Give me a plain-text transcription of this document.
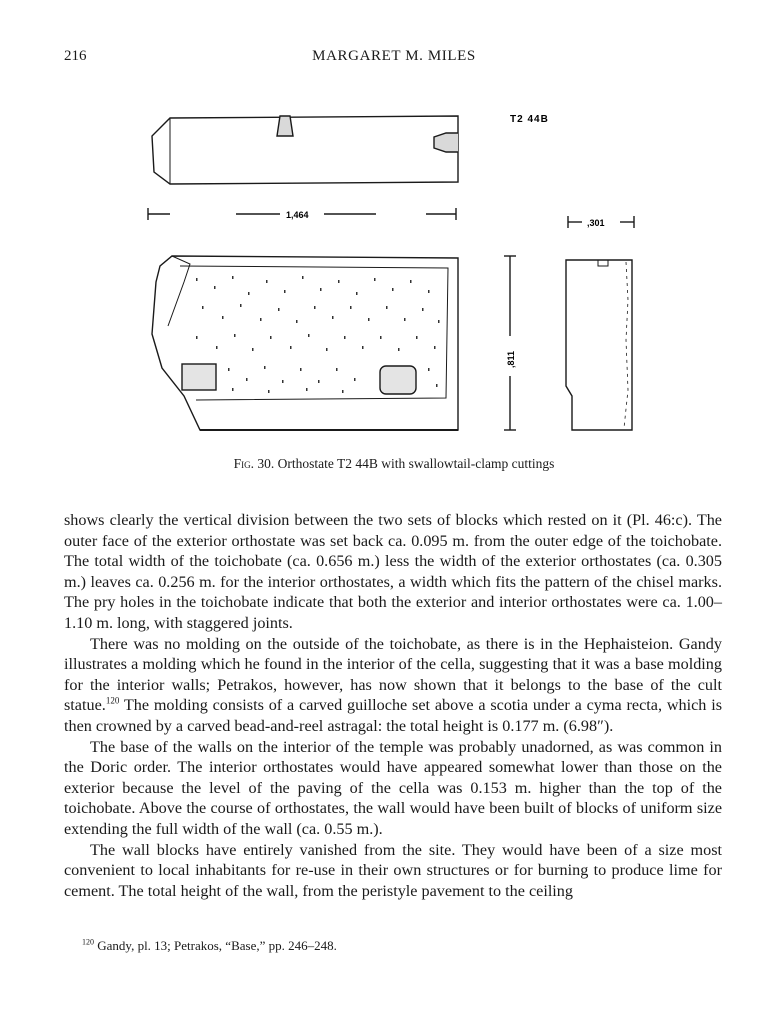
216	MARGARET M. MILES
T2 44B
1,464
,301
,811
Fig. 30. Orthostate T2 44B with swallowtail-clamp cuttings

shows clearly the vertical division between the two sets of blocks which rested on it (Pl. 46:c). The outer face of the exterior orthostate was set back ca. 0.095 m. from the outer edge of the toichobate. The total width of the toichobate (ca. 0.656 m.) less the width of the exterior orthostates (ca. 0.305 m.) leaves ca. 0.256 m. for the interior orthostates, a width which fits the pattern of the chisel marks. The pry holes in the toichobate indicate that both the exterior and interior orthostates were ca. 1.00–1.10 m. long, with staggered joints.

There was no molding on the outside of the toichobate, as there is in the Hephaisteion. Gandy illustrates a molding which he found in the interior of the cella, suggesting that it was a base molding for the interior walls; Petrakos, however, has now shown that it belongs to the base of the cult statue.$^{120}$ The molding consists of a carved guilloche set above a scotia under a cyma recta, which is then crowned by a carved bead-and-reel astragal: the total height is 0.177 m. (6.98″).

The base of the walls on the interior of the temple was probably unadorned, as was common in the Doric order. The interior orthostates would have appeared somewhat lower than those on the exterior because the level of the paving of the cella was 0.153 m. higher than the top of the toichobate. Above the course of orthostates, the wall would have been built of blocks of uniform size extending the full width of the wall (ca. 0.55 m.).

The wall blocks have entirely vanished from the site. They would have been of a size most convenient to local inhabitants for re-use in their own structures or for burning to produce lime for cement. The total height of the wall, from the peristyle pavement to the ceiling

$^{120}$ Gandy, pl. 13; Petrakos, “Base,” pp. 246–248.
